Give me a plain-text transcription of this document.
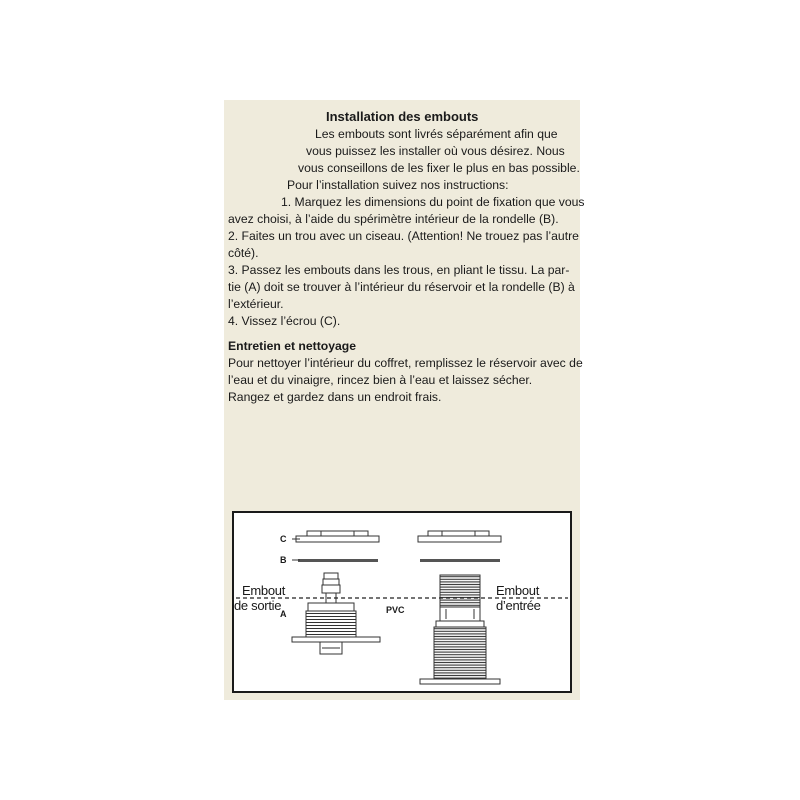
Installation des embouts
Les embouts sont livrés séparément afin que
vous puissez les installer où vous désirez. Nous
vous conseillons de les fixer le plus en bas possible.
Pour l’installation suivez nos instructions:
1. Marquez les dimensions du point de fixation que vous
avez choisi, à l’aide du spérimètre intérieur de la rondelle (B).
2. Faites un trou avec un ciseau. (Attention! Ne trouez pas l’autre
côté).
3. Passez les embouts dans les trous, en pliant le tissu. La par-
tie (A) doit se trouver à l’intérieur du réservoir et la rondelle (B) à
l’extérieur.
4. Vissez l’écrou (C).
Entretien et nettoyage
Pour nettoyer l’intérieur du coffret, remplissez le réservoir avec de
l’eau et du vinaigre, rincez bien à l’eau et laissez sécher.
Rangez et gardez dans un endroit frais.
C
B
A	PVC
Embout
de sortie
Embout
d’entrée
